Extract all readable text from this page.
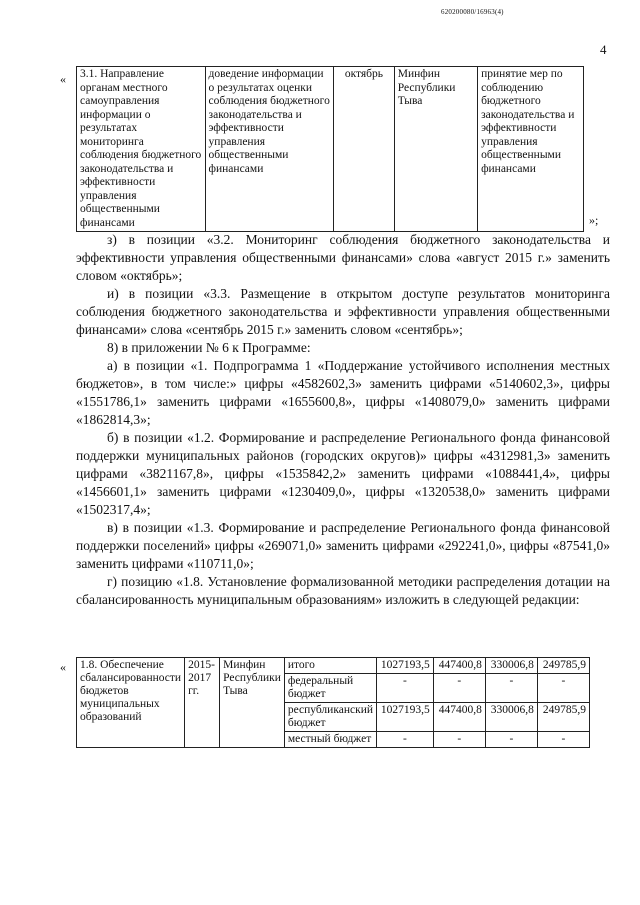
620200080/16963(4)
4
« 3.1. Направление органам местного самоуправления информации о результатах мониторинга соблюдения бюджетного законодательства и эффективности управления общественными финансами	доведение информации о результатах оценки соблюдения бюджетного законодательства и эффективности управления общественными финансами	октябрь	Минфин Республики Тыва	принятие мер по соблюдению бюджетного законодательства и эффективности управления общественными финансами
»;

з) в позиции «3.2. Мониторинг соблюдения бюджетного законодательства и эффективности управления общественными финансами» слова «август 2015 г.» заменить словом «октябрь»;

и) в позиции «3.3. Размещение в открытом доступе результатов мониторинга соблюдения бюджетного законодательства и эффективности управления общественными финансами» слова «сентябрь 2015 г.» заменить словом «сентябрь»;

8) в приложении № 6 к Программе:

а) в позиции «1. Подпрограмма 1 «Поддержание устойчивого исполнения местных бюджетов», в том числе:» цифры «4582602,3» заменить цифрами «5140602,3», цифры «1551786,1» заменить цифрами «1655600,8», цифры «1408079,0» заменить цифрами «1862814,3»;

б) в позиции «1.2. Формирование и распределение Регионального фонда финансовой поддержки муниципальных районов (городских округов)» цифры «4312981,3» заменить цифрами «3821167,8», цифры «1535842,2» заменить цифрами «1088441,4», цифры «1456601,1» заменить цифрами «1230409,0», цифры «1320538,0» заменить цифрами «1502317,4»;

в) в позиции «1.3. Формирование и распределение Регионального фонда финансовой поддержки поселений» цифры «269071,0» заменить цифрами «292241,0», цифры «87541,0» заменить цифрами «110711,0»;

г) позицию «1.8. Установление формализованной методики распределения дотации на сбалансированность муниципальным образованиям» изложить в следующей редакции:

« 1.8. Обеспечение сбалансированности бюджетов муниципальных образований	2015-2017 гг.	Минфин Республики Тыва	итого	1027193,5	447400,8	330006,8	249785,9
			федеральный бюджет	-	-	-	-
			республиканский бюджет	1027193,5	447400,8	330006,8	249785,9
			местный бюджет	-	-	-	-
